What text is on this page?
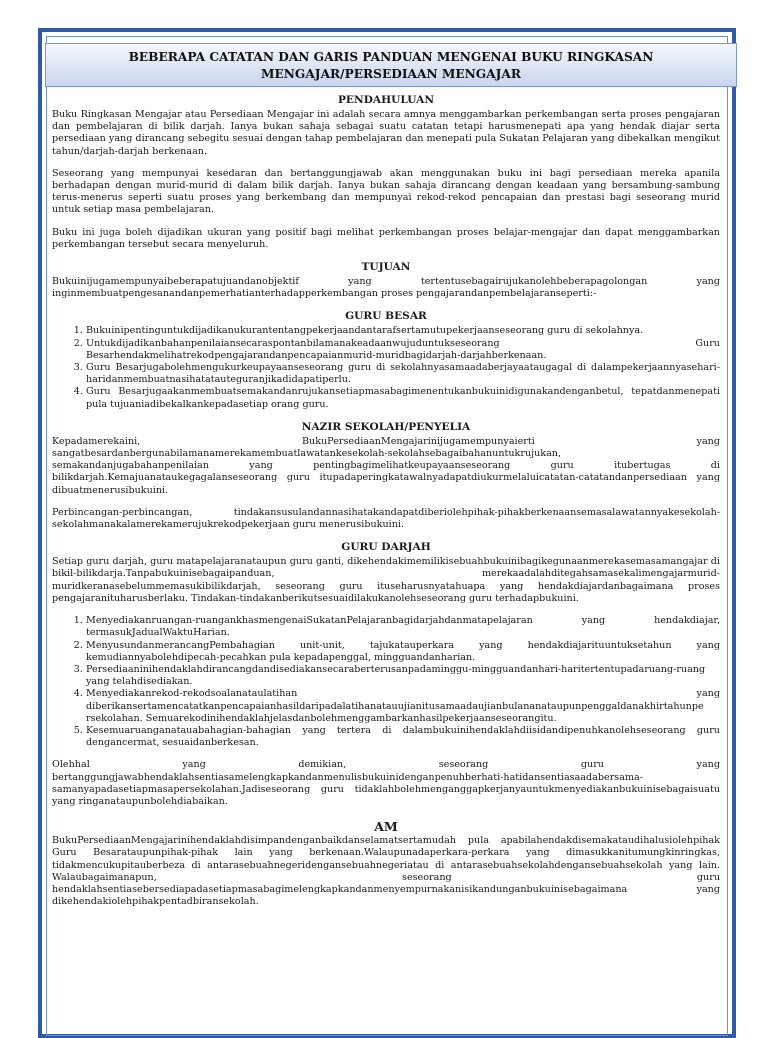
BEBERAPA CATATAN DAN GARIS PANDUAN MENGENAI BUKU RINGKASAN
MENGAJAR/PERSEDIAAN MENGAJAR
PENDAHULUAN

Buku Ringkasan Mengajar atau Persediaan Mengajar ini adalah secara amnya menggambarkan perkembangan serta proses pengajaran dan pembelajaran di bilik darjah. Ianya bukan sahaja sebagai suatu catatan tetapi harusmenepati apa yang hendak diajar serta persediaan yang dirancang sebegitu sesuai dengan tahap pembelajaran dan menepati pula Sukatan Pelajaran yang dibekalkan mengikut tahun/darjah-darjah berkenaan.

Seseorang yang mempunyai kesedaran dan bertanggungjawab akan menggunakan buku ini bagi persediaan mereka apanila berhadapan dengan murid-murid di dalam bilik darjah. Ianya bukan sahaja dirancang dengan keadaan yang bersambung-sambung terus-menerus seperti suatu proses yang berkembang dan mempunyai rekod-rekod pencapaian dan prestasi bagi seseorang murid untuk setiap masa pembelajaran.

Buku ini juga boleh dijadikan ukuran yang positif bagi melihat perkembangan proses belajar-mengajar dan dapat menggambarkan perkembangan tersebut secara menyeluruh.

TUJUAN

Bukuinijugamempunyaibeberapatujuandanobjektif yang tertentusebagairujukanolehbeberapagolongan yang inginmembuatpengesanandanpemerhatianterhadapperkembangan proses pengajarandanpembelajaranseperti:-

GURU BESAR
1. Bukuinipentinguntukdijadikanukurantentangpekerjaandantarafsertamutupekerjaanseseorang guru di sekolahnya.
2. Untukdijadikanbahanpenilaiansecaraspontanbilamanakeadaanwujuduntukseseorang Guru Besarhendakmelihatrekodpengajarandanpencapaianmurid-muridbagidarjah-darjahberkenaan.
3. Guru Besarjugabolehmengukurkeupayaanseseorang guru di sekolahnyasamaadaberjayaataugagal di dalampekerjaannyasehari-haridanmembuatnasihatatauteguranjikadidapatiperlu.
4. Guru Besarjugaakanmembuatsemakandanrujukansetiapmasabagimenentukanbukuinidigunakandenganbetul, tepatdanmenepati pula tujuaniadibekalkankepadasetiap orang guru.
NAZIR SEKOLAH/PENYELIA

Kepadamerekaini, BukuPersediaanMengajarinijugamempunyaierti yang sangatbesardanbergunabilamanamerekamembuatlawatankesekolah-sekolahsebagaibahanuntukrujukan, semakandanjugabahanpenilaian yang pentingbagimelihatkeupayaanseseorang guru itubertugas di bilikdarjah.Kemajuanataukegagalanseseorang guru itupadaperingkatawalnyadapatdiukurmelaluicatatan-catatandanpersediaan yang dibuatmenerusibukuini.

Perbincangan-perbincangan, tindakansusulandannasihatakandapatdiberiolehpihak-pihakberkenaansemasalawatannyakesekolah-sekolahmanakalamerekamerujukrekodpekerjaan guru menerusibukuini.

GURU DARJAH

Setiap guru darjah, guru matapelajaranataupun guru ganti, dikehendakimemilikisebuahbukuinibagikegunaanmerekasemasamangajar di bikil-bilikdarja.Tanpabukuinisebagaipanduan, merekaadalahditegahsamasekalimengajarmurid-muridkeranasebelummemasukibilikdarjah, seseorang guru ituseharusnyatahuapa yang hendakdiajardanbagaimana proses pengajaranituharusberlaku. Tindakan-tindakanberikutsesuaidilakukanolehseseorang guru terhadapbukuini.

1. Menyediakanruangan-ruangankhasmengenaiSukatanPelajaranbagidarjahdanmatapelajaran yang hendakdiajar, termasukJadualWaktuHarian.
2. MenyusundanmerancangPembahagian unit-unit, tajukatauperkara yang hendakdiajarituuntuksetahun yang kemudiannyabolehdipecah-pecahkan pula kepadapenggal, mingguandanharian.
3. Persediaaninihendaklahdirancangdandisediakansecaraberterusanpadaminggu-mingguandanhari-haritertentupadaruang-ruang yang telahdisediakan.
4. Menyediakanrekod-rekodsoalanataulatihan yang diberikansertamencatatkanpencapaianhasildaripadalatihanatauujianitusamaadaujianbulananataupunpenggaldanakhirtahunpe rsekolahan. Semuarekodinihendaklahjelasdanbolehmenggambarkanhasilpekerjaanseseorangitu.
5. Kesemuaruanganatauabahagian-bahagian yang tertera di dalambukuinihendaklahdiisidandipenuhkanolehseseorang guru dengancermat, sesuaidanberkesan.

Olehhal yang demikian, seseorang guru yang bertanggungjawabhendaklahsentiasamelengkapkandanmenulisbukuinidenganpenuhberhati-hatidansentiasaadabersama-samanyapadasetiapmasapersekolahan.Jadiseseorang guru tidaklahbolehmenganggapkerjanyauntukmenyediakanbukuinisebagaisuatu yang ringanataupunbolehdiabaikan.

AM

BukuPersediaanMengajarinihendaklahdisimpandenganbaikdanselamatsertamudah pula apabilahendakdisemakataudihalusiolehpihak Guru Besarataupunpihak-pihak lain yang berkenaan.Walaupunadaperkara-perkara yang dimasukkanitumungkinringkas, tidakmencukupitauberbeza di antarasebuahnegeridengansebuahnegeriatau di antarasebuahsekolahdengansebuahsekolah yang lain. Walaubagaimanapun, seseorang guru hendaklahsentiasebersediapadasetiapmasabagimelengkapkandanmenyempurnakanisikandunganbukuinisebagaimana yang dikehendakiolehpihakpentadbiransekolah.
